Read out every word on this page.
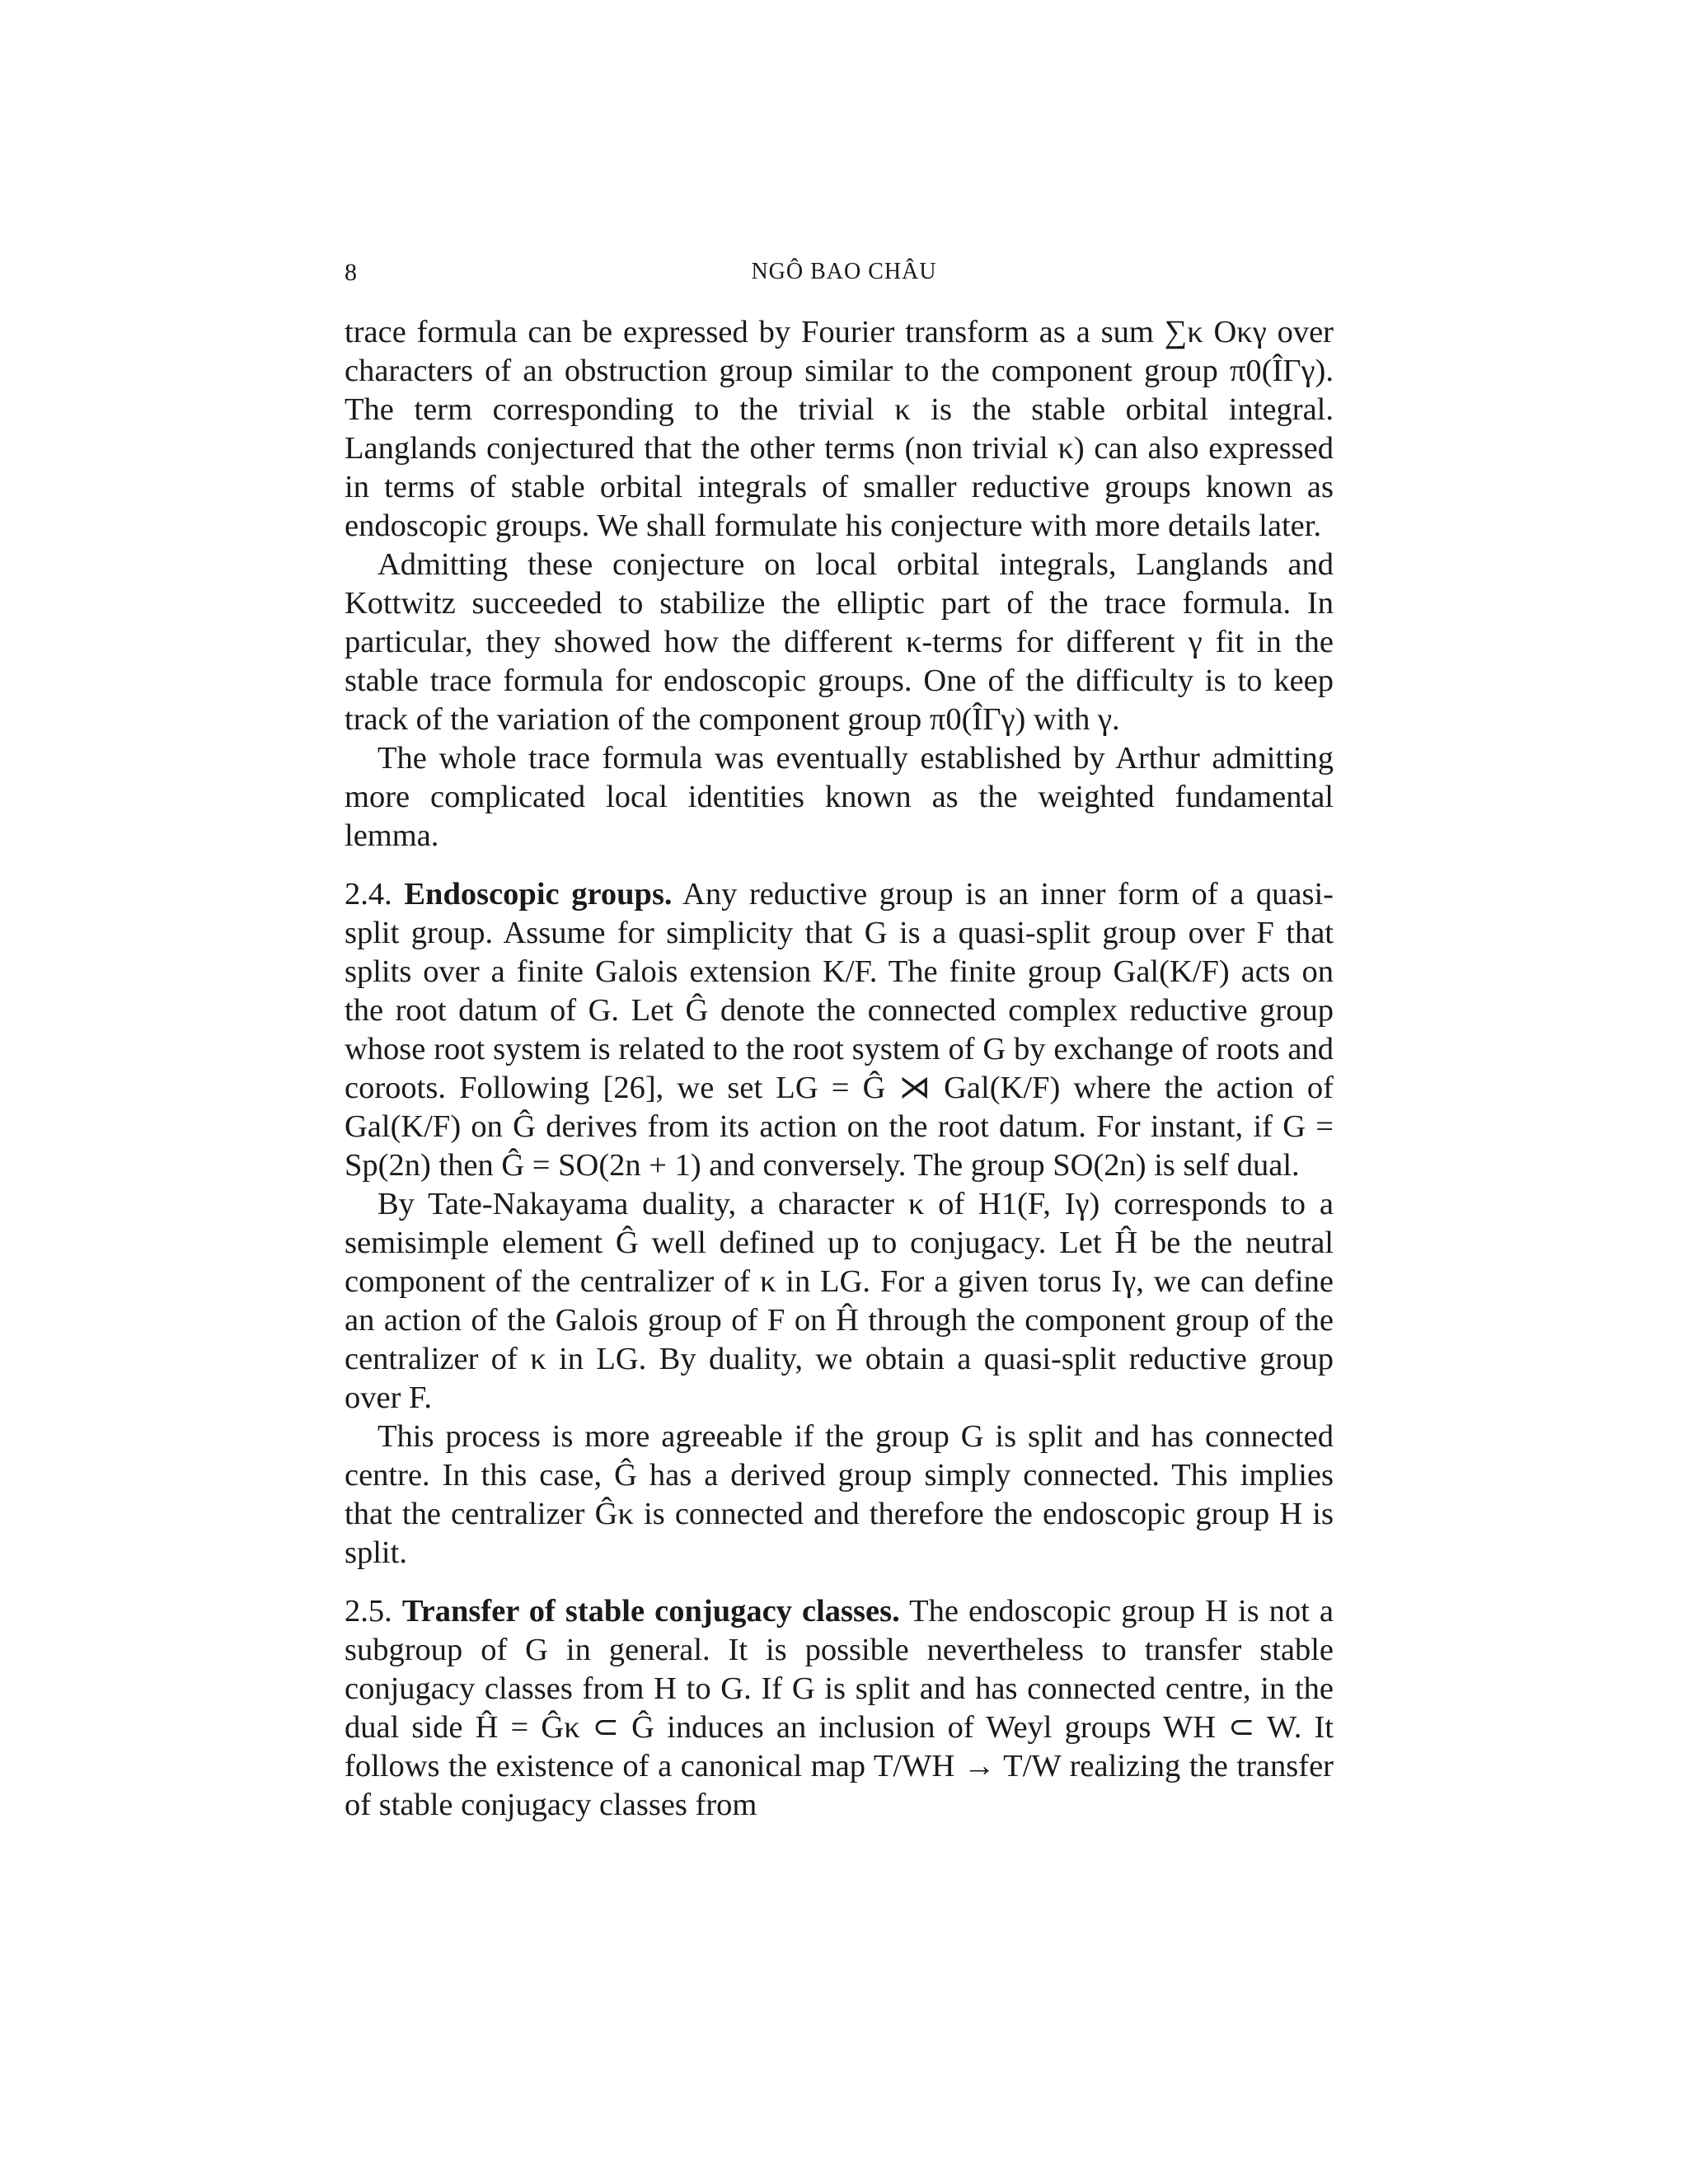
8	NGÔ BAO CHÂU

trace formula can be expressed by Fourier transform as a sum ∑κ Oκγ over characters of an obstruction group similar to the component group π0(ÎΓγ). The term corresponding to the trivial κ is the stable orbital integral. Langlands conjectured that the other terms (non trivial κ) can also expressed in terms of stable orbital integrals of smaller reductive groups known as endoscopic groups. We shall formulate his conjecture with more details later.

Admitting these conjecture on local orbital integrals, Langlands and Kottwitz succeeded to stabilize the elliptic part of the trace formula. In particular, they showed how the different κ-terms for different γ fit in the stable trace formula for endoscopic groups. One of the difficulty is to keep track of the variation of the component group π0(ÎΓγ) with γ.

The whole trace formula was eventually established by Arthur admitting more complicated local identities known as the weighted fundamental lemma.

2.4. Endoscopic groups. Any reductive group is an inner form of a quasi-split group. Assume for simplicity that G is a quasi-split group over F that splits over a finite Galois extension K/F. The finite group Gal(K/F) acts on the root datum of G. Let Ĝ denote the connected complex reductive group whose root system is related to the root system of G by exchange of roots and coroots. Following [26], we set LG = Ĝ ⋊ Gal(K/F) where the action of Gal(K/F) on Ĝ derives from its action on the root datum. For instant, if G = Sp(2n) then Ĝ = SO(2n + 1) and conversely. The group SO(2n) is self dual.

By Tate-Nakayama duality, a character κ of H1(F, Iγ) corresponds to a semisimple element Ĝ well defined up to conjugacy. Let Ĥ be the neutral component of the centralizer of κ in LG. For a given torus Iγ, we can define an action of the Galois group of F on Ĥ through the component group of the centralizer of κ in LG. By duality, we obtain a quasi-split reductive group over F.

This process is more agreeable if the group G is split and has connected centre. In this case, Ĝ has a derived group simply connected. This implies that the centralizer Ĝκ is connected and therefore the endoscopic group H is split.

2.5. Transfer of stable conjugacy classes. The endoscopic group H is not a subgroup of G in general. It is possible nevertheless to transfer stable conjugacy classes from H to G. If G is split and has connected centre, in the dual side Ĥ = Ĝκ ⊂ Ĝ induces an inclusion of Weyl groups WH ⊂ W. It follows the existence of a canonical map T/WH → T/W realizing the transfer of stable conjugacy classes from
